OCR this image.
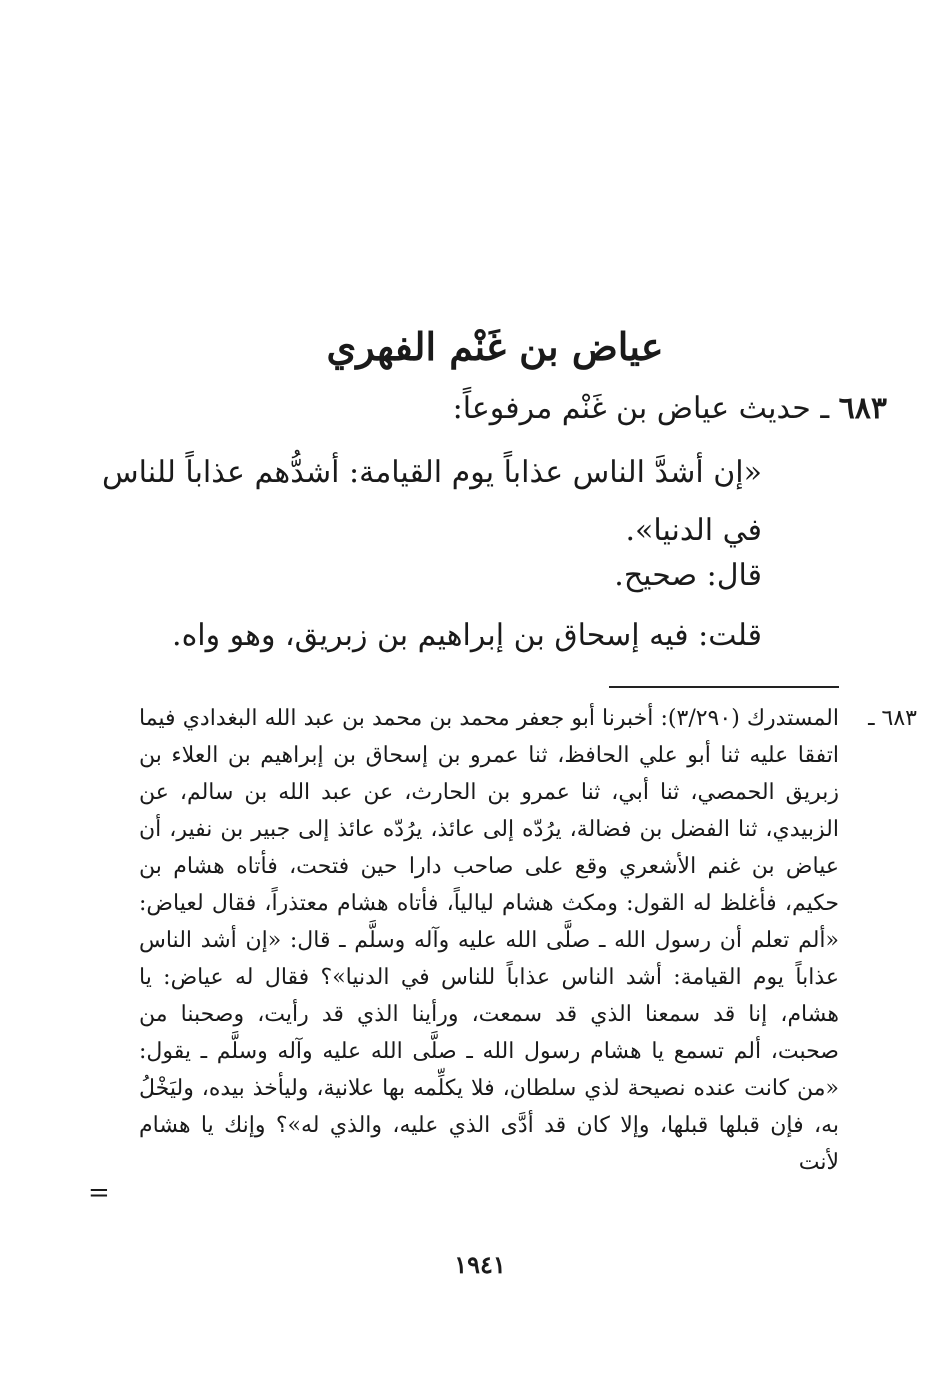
عياض بن غَنْم الفهري

٦٨٣ ـ حديث عياض بن غَنْم مرفوعاً:

«إن أشدَّ الناس عذاباً يوم القيامة: أشدُّهم عذاباً للناس في الدنيا».

قال: صحيح.

قلت: فيه إسحاق بن إبراهيم بن زبريق، وهو واه.

٦٨٣ ـ
المستدرك (٣/٢٩٠): أخبرنا أبو جعفر محمد بن محمد بن عبد الله البغدادي فيما اتفقا عليه ثنا أبو علي الحافظ، ثنا عمرو بن إسحاق بن إبراهيم بن العلاء بن زبريق الحمصي، ثنا أبي، ثنا عمرو بن الحارث، عن عبد الله بن سالم، عن الزبيدي، ثنا الفضل بن فضالة، يرُدّه إلى عائذ، يرُدّه عائذ إلى جبير بن نفير، أن عياض بن غنم الأشعري وقع على صاحب دارا حين فتحت، فأتاه هشام بن حكيم، فأغلظ له القول: ومكث هشام ليالياً، فأتاه هشام معتذراً، فقال لعياض: «ألم تعلم أن رسول الله ـ صلَّى الله عليه وآله وسلَّم ـ قال: «إن أشد الناس عذاباً يوم القيامة: أشد الناس عذاباً للناس في الدنيا»؟ فقال له عياض: يا هشام، إنا قد سمعنا الذي قد سمعت، ورأينا الذي قد رأيت، وصحبنا من صحبت، ألم تسمع يا هشام رسول الله ـ صلَّى الله عليه وآله وسلَّم ـ يقول: «من كانت عنده نصيحة لذي سلطان، فلا يكلِّمه بها علانية، وليأخذ بيده، وليَخْلُ به، فإن قبلها قبلها، وإلا كان قد أدَّى الذي عليه، والذي له»؟ وإنك يا هشام لأنت
=
١٩٤١
